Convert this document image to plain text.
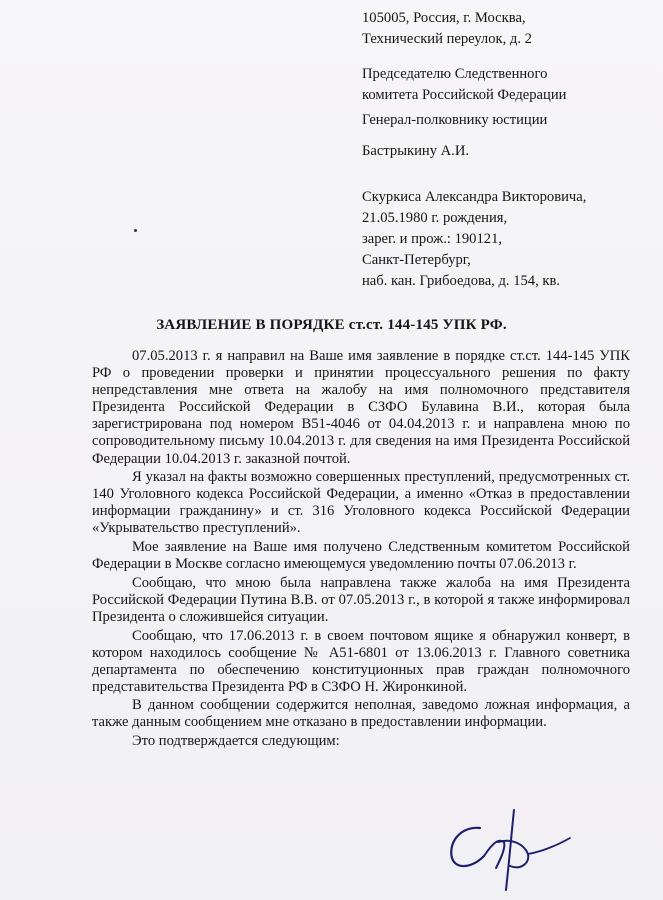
105005, Россия, г. Москва,
Технический переулок, д. 2
Председателю Следственного
комитета Российской Федерации
Генерал-полковнику юстиции
Бастрыкину А.И.
Скуркиса Александра Викторовича,
21.05.1980 г. рождения,
зарег. и прож.: 190121,
Санкт-Петербург,
наб. кан. Грибоедова, д. 154, кв.
ЗАЯВЛЕНИЕ В ПОРЯДКЕ ст.ст. 144-145 УПК РФ.

07.05.2013 г. я направил на Ваше имя заявление в порядке ст.ст. 144-145 УПК РФ о проведении проверки и принятии процессуального решения по факту непредставления мне ответа на жалобу на имя полномочного представителя Президента Российской Федерации в СЗФО Булавина В.И., которая была зарегистрирована под номером В51-4046 от 04.04.2013 г. и направлена мною по сопроводительному письму 10.04.2013 г. для сведения на имя Президента Российской Федерации 10.04.2013 г. заказной почтой.

Я указал на факты возможно совершенных преступлений, предусмотренных ст. 140 Уголовного кодекса Российской Федерации, а именно «Отказ в предоставлении информации гражданину» и ст. 316 Уголовного кодекса Российской Федерации «Укрывательство преступлений».

Мое заявление на Ваше имя получено Следственным комитетом Российской Федерации в Москве согласно имеющемуся уведомлению почты 07.06.2013 г.

Сообщаю, что мною была направлена также жалоба на имя Президента Российской Федерации Путина В.В. от 07.05.2013 г., в которой я также информировал Президента о сложившейся ситуации.

Сообщаю, что 17.06.2013 г. в своем почтовом ящике я обнаружил конверт, в котором находилось сообщение № А51-6801 от 13.06.2013 г. Главного советника департамента по обеспечению конституционных прав граждан полномочного представительства Президента РФ в СЗФО Н. Жиронкиной.

В данном сообщении содержится неполная, заведомо ложная информация, а также данным сообщением мне отказано в предоставлении информации.

Это подтверждается следующим:
